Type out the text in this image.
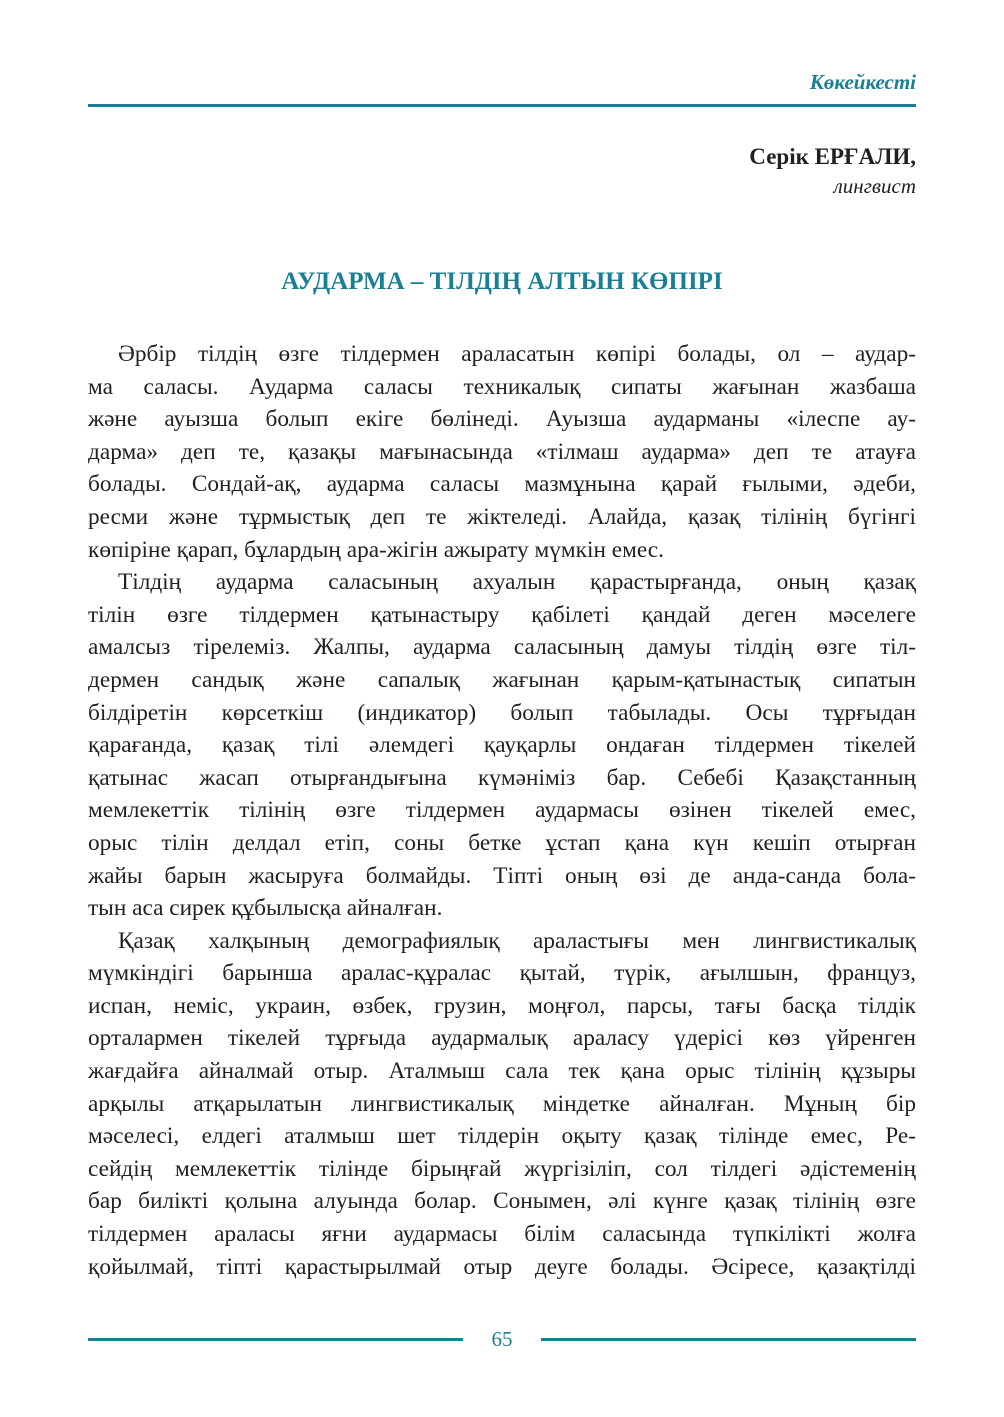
Көкейкесті
Серік ЕРҒАЛИ,
лингвист
АУДАРМА – ТІЛДІҢ АЛТЫН КӨПІРІ
Әрбір тілдің өзге тілдермен араласатын көпірі болады, ол – аудар-
ма саласы. Аударма саласы техникалық сипаты жағынан жазбаша
және ауызша болып екіге бөлінеді. Ауызша аударманы «ілеспе ау-
дарма» деп те, қазақы мағынасында «тілмаш аударма» деп те атауға
болады. Сондай-ақ, аударма саласы мазмұнына қарай ғылыми, әдеби,
ресми және тұрмыстық деп те жіктеледі. Алайда, қазақ тілінің бүгінгі
көпіріне қарап, бұлардың ара-жігін ажырату мүмкін емес.
Тілдің аударма саласының ахуалын қарастырғанда, оның қазақ
тілін өзге тілдермен қатынастыру қабілеті қандай деген мәселеге
амалсыз тірелеміз. Жалпы, аударма саласының дамуы тілдің өзге тіл-
дермен сандық және сапалық жағынан қарым-қатынастық сипатын
білдіретін көрсеткіш (индикатор) болып табылады. Осы тұрғыдан
қарағанда, қазақ тілі әлемдегі қауқарлы ондаған тілдермен тікелей
қатынас жасап отырғандығына күмәніміз бар. Себебі Қазақстанның
мемлекеттік тілінің өзге тілдермен аудармасы өзінен тікелей емес,
орыс тілін делдал етіп, соны бетке ұстап қана күн кешіп отырған
жайы барын жасыруға болмайды. Тіпті оның өзі де анда-санда бола-
тын аса сирек құбылысқа айналған.
Қазақ халқының демографиялық араластығы мен лингвистикалық
мүмкіндігі барынша аралас-құралас қытай, түрік, ағылшын, француз,
испан, неміс, украин, өзбек, грузин, моңғол, парсы, тағы басқа тілдік
орталармен тікелей тұрғыда аудармалық араласу үдерісі көз үйренген
жағдайға айналмай отыр. Аталмыш сала тек қана орыс тілінің құзыры
арқылы атқарылатын лингвистикалық міндетке айналған. Мұның бір
мәселесі, елдегі аталмыш шет тілдерін оқыту қазақ тілінде емес, Ре-
сейдің мемлекеттік тілінде бірыңғай жүргізіліп, сол тілдегі әдістеменің
бар билікті қолына алуында болар. Сонымен, әлі күнге қазақ тілінің өзге
тілдермен араласы яғни аудармасы білім саласында түпкілікті жолға
қойылмай, тіпті қарастырылмай отыр деуге болады. Әсіресе, қазақтілді
65
